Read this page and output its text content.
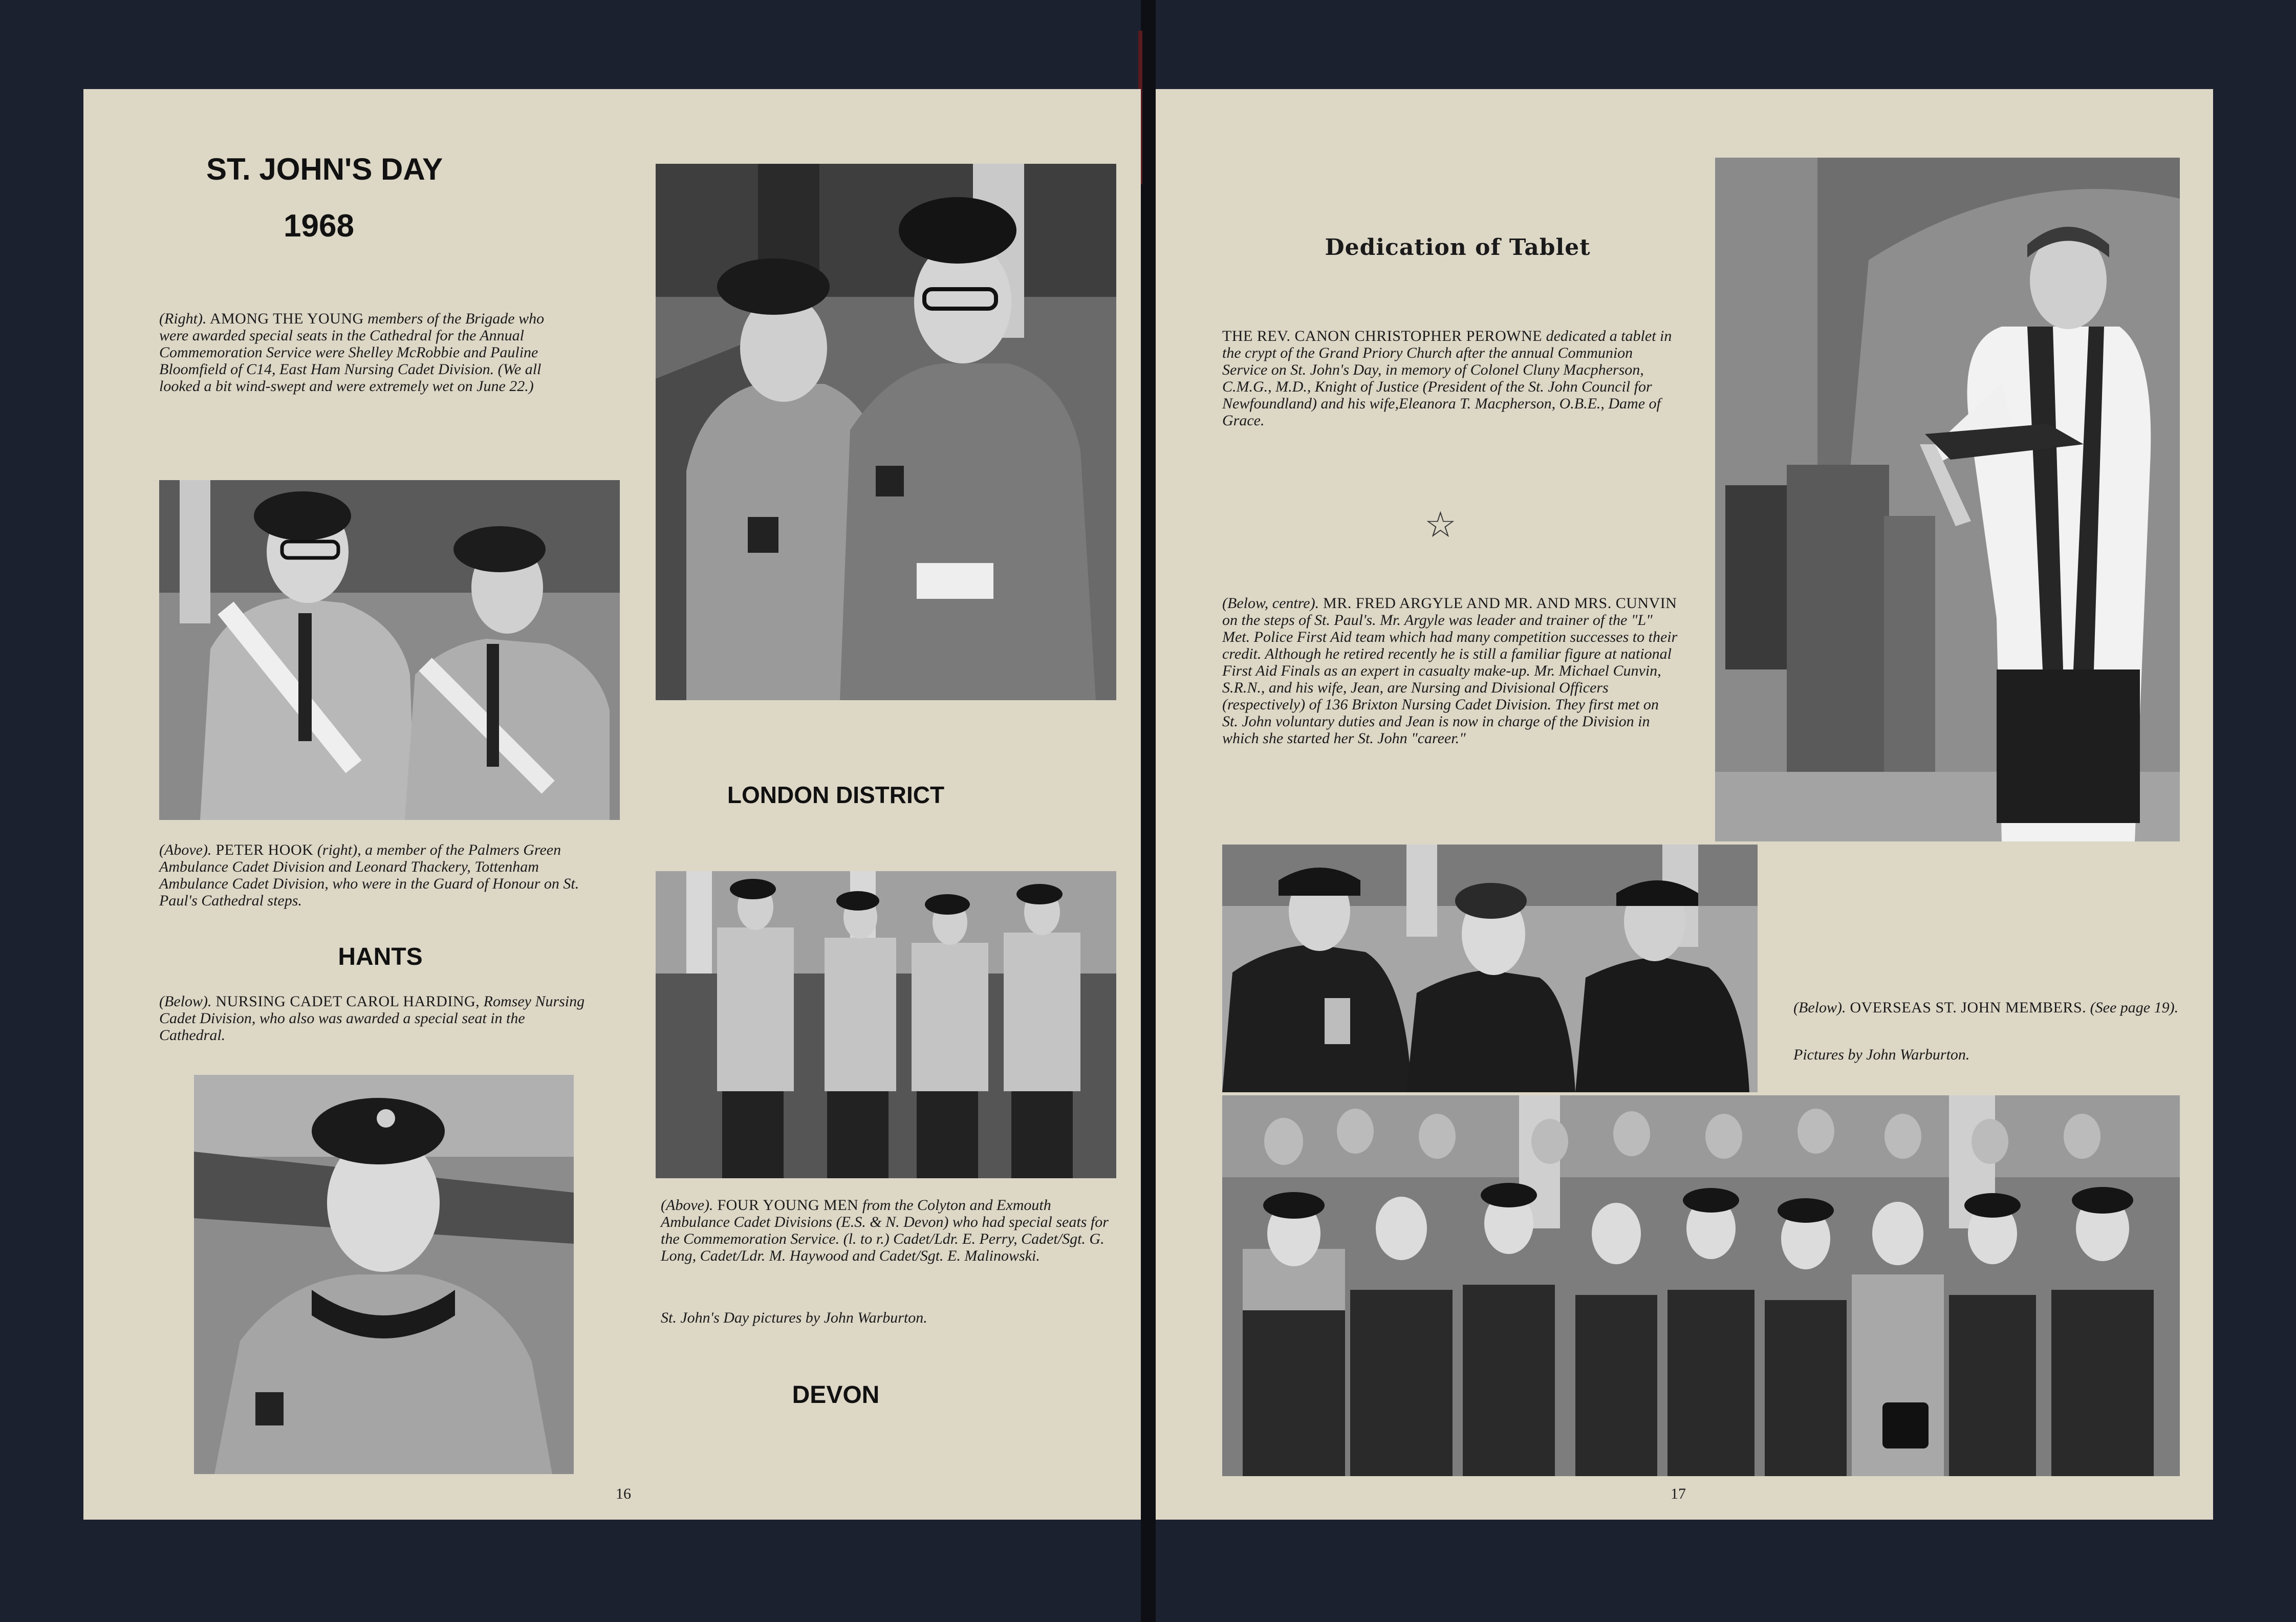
ST. JOHN'S DAY
1968
(Right). AMONG THE YOUNG members of the Brigade who were awarded special seats in the Cathedral for the Annual Commemoration Service were Shelley McRobbie and Pauline Bloomfield of C14, East Ham Nursing Cadet Division. (We all looked a bit wind-swept and were extremely wet on June 22.)
(Above). PETER HOOK (right), a member of the Palmers Green Ambulance Cadet Division and Leonard Thackery, Tottenham Ambulance Cadet Division, who were in the Guard of Honour on St. Paul's Cathedral steps.
HANTS
(Below). NURSING CADET CAROL HARDING, Romsey Nursing Cadet Division, who also was awarded a special seat in the Cathedral.
LONDON DISTRICT
(Above). FOUR YOUNG MEN from the Colyton and Exmouth Ambulance Cadet Divisions (E.S. & N. Devon) who had special seats for the Commemoration Service. (l. to r.) Cadet/Ldr. E. Perry, Cadet/Sgt. G. Long, Cadet/Ldr. M. Haywood and Cadet/Sgt. E. Malinowski.
St. John's Day pictures by John Warburton.
DEVON
16
Dedication of Tablet
THE REV. CANON CHRISTOPHER PEROWNE dedicated a tablet in the crypt of the Grand Priory Church after the annual Communion Service on St. John's Day, in memory of Colonel Cluny Macpherson, C.M.G., M.D., Knight of Justice (President of the St. John Council for Newfoundland) and his wife,Eleanora T. Macpherson, O.B.E., Dame of Grace.
☆
(Below, centre). MR. FRED ARGYLE AND MR. AND MRS. CUNVIN on the steps of St. Paul's. Mr. Argyle was leader and trainer of the "L" Met. Police First Aid team which had many competition successes to their credit. Although he retired recently he is still a familiar figure at national First Aid Finals as an expert in casualty make-up. Mr. Michael Cunvin, S.R.N., and his wife, Jean, are Nursing and Divisional Officers (respectively) of 136 Brixton Nursing Cadet Division. They first met on St. John voluntary duties and Jean is now in charge of the Division in which she started her St. John "career."
(Below). OVERSEAS ST. JOHN MEMBERS. (See page 19).
Pictures by John Warburton.
17
